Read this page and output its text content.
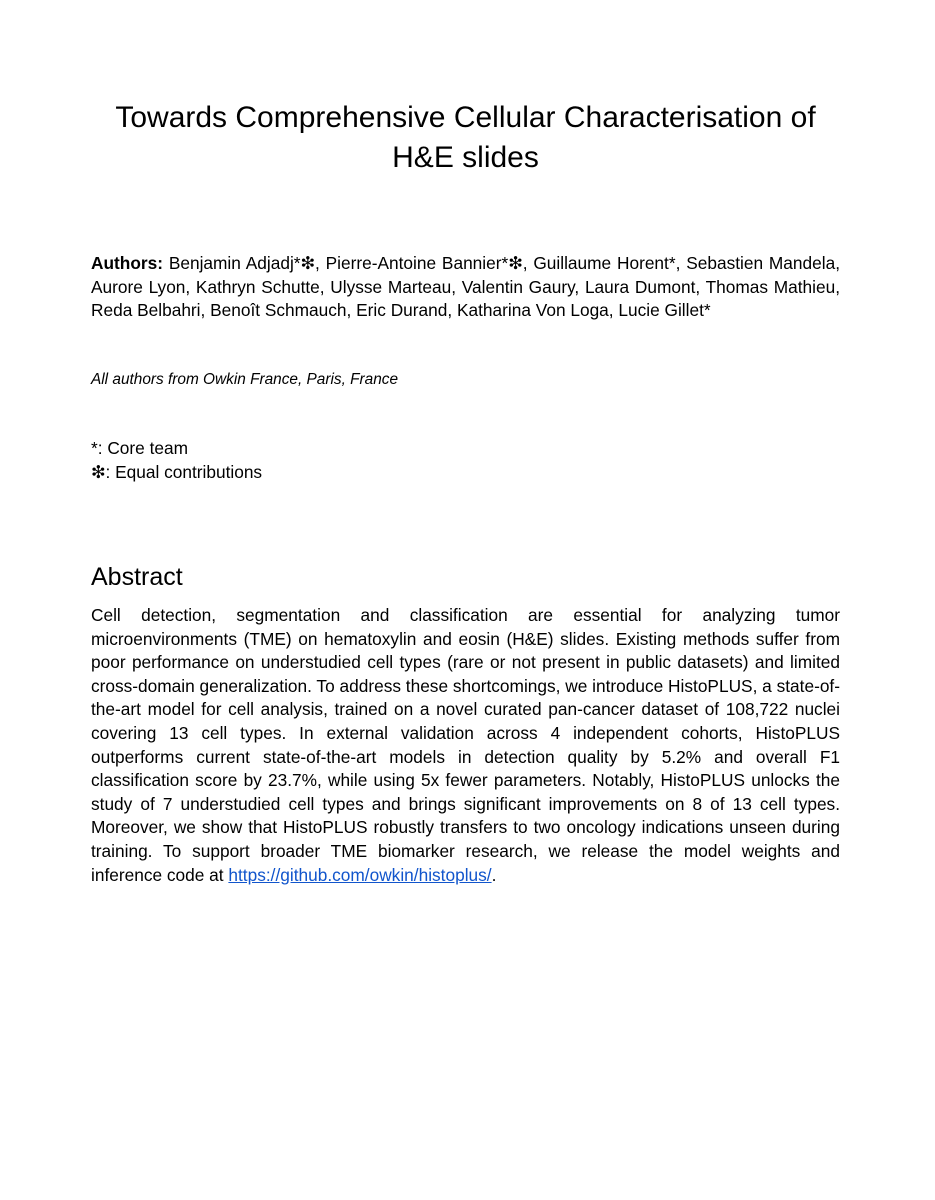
Towards Comprehensive Cellular Characterisation of H&E slides

Authors: Benjamin Adjadj*❇, Pierre-Antoine Bannier*❇, Guillaume Horent*, Sebastien Mandela, Aurore Lyon, Kathryn Schutte, Ulysse Marteau, Valentin Gaury, Laura Dumont, Thomas Mathieu, Reda Belbahri, Benoît Schmauch, Eric Durand, Katharina Von Loga, Lucie Gillet*

All authors from Owkin France, Paris, France

*: Core team
❇: Equal contributions
Abstract

Cell detection, segmentation and classification are essential for analyzing tumor microenvironments (TME) on hematoxylin and eosin (H&E) slides. Existing methods suffer from poor performance on understudied cell types (rare or not present in public datasets) and limited cross-domain generalization. To address these shortcomings, we introduce HistoPLUS, a state-of-the-art model for cell analysis, trained on a novel curated pan-cancer dataset of 108,722 nuclei covering 13 cell types. In external validation across 4 independent cohorts, HistoPLUS outperforms current state-of-the-art models in detection quality by 5.2% and overall F1 classification score by 23.7%, while using 5x fewer parameters. Notably, HistoPLUS unlocks the study of 7 understudied cell types and brings significant improvements on 8 of 13 cell types. Moreover, we show that HistoPLUS robustly transfers to two oncology indications unseen during training. To support broader TME biomarker research, we release the model weights and inference code at https://github.com/owkin/histoplus/.
